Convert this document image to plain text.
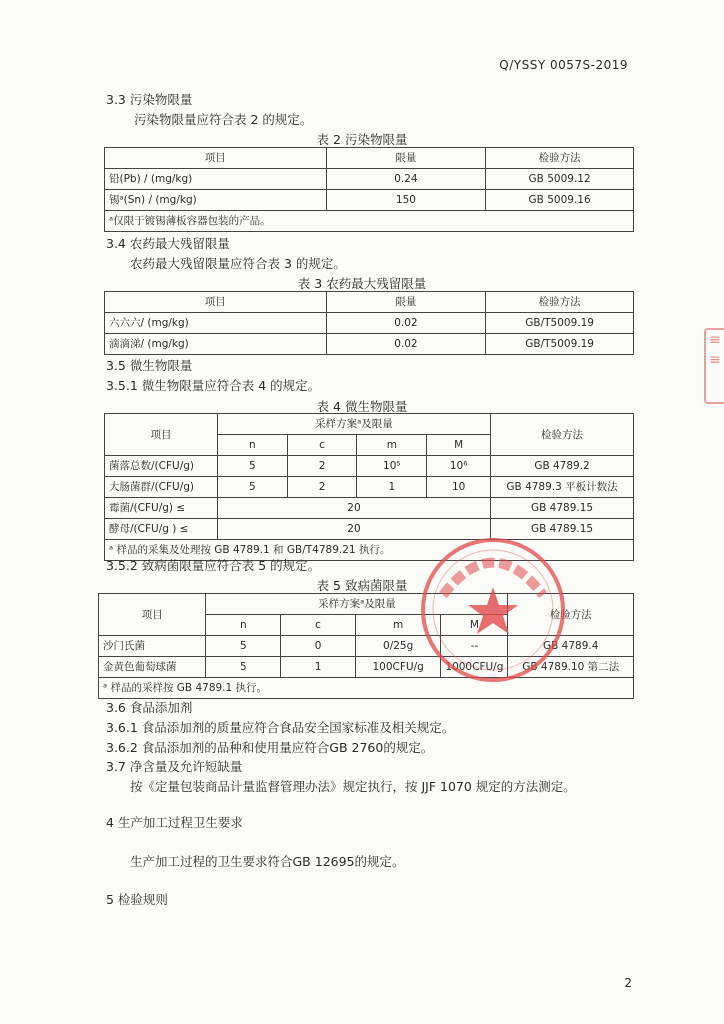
Q/YSSY 0057S-2019
3.3 污染物限量
污染物限量应符合表 2 的规定。
表 2 污染物限量
项目	限量	检验方法
铅(Pb) / (mg/kg)	0.24	GB 5009.12
锡ᵃ(Sn) / (mg/kg)	150	GB 5009.16
ᵃ仅限于镀锡薄板容器包装的产品。		
3.4 农药最大残留限量
农药最大残留限量应符合表 3 的规定。
表 3 农药最大残留限量
项目	限量	检验方法
六六六/ (mg/kg)	0.02	GB/T5009.19
滴滴涕/ (mg/kg)	0.02	GB/T5009.19
3.5 微生物限量
3.5.1 微生物限量应符合表 4 的规定。
表 4 微生物限量
项目	采样方案ᵃ及限量				检验方法
	n	c	m	M	
菌落总数/(CFU/g)	5	2	10⁵	10⁶	GB 4789.2
大肠菌群/(CFU/g)	5	2	1	10	GB 4789.3 平板计数法
霉菌/(CFU/g) ≤	20				GB 4789.15
酵母/(CFU/g ) ≤	20				GB 4789.15
ᵃ 样品的采集及处理按 GB 4789.1 和 GB/T4789.21 执行。					
3.5.2 致病菌限量应符合表 5 的规定。
表 5 致病菌限量
项目	采样方案ᵃ及限量				检验方法
	n	c	m	M	
沙门氏菌	5	0	0/25g	--	GB 4789.4
金黄色葡萄球菌	5	1	100CFU/g	1000CFU/g	GB 4789.10 第二法
ᵃ 样品的采样按 GB 4789.1 执行。					
3.6 食品添加剂
3.6.1 食品添加剂的质量应符合食品安全国家标准及相关规定。
3.6.2 食品添加剂的品种和使用量应符合GB 2760的规定。
3.7 净含量及允许短缺量
按《定量包装商品计量监督管理办法》规定执行，按 JJF 1070 规定的方法测定。
4 生产加工过程卫生要求
生产加工过程的卫生要求符合GB 12695的规定。
5 检验规则
2
≡
≡
